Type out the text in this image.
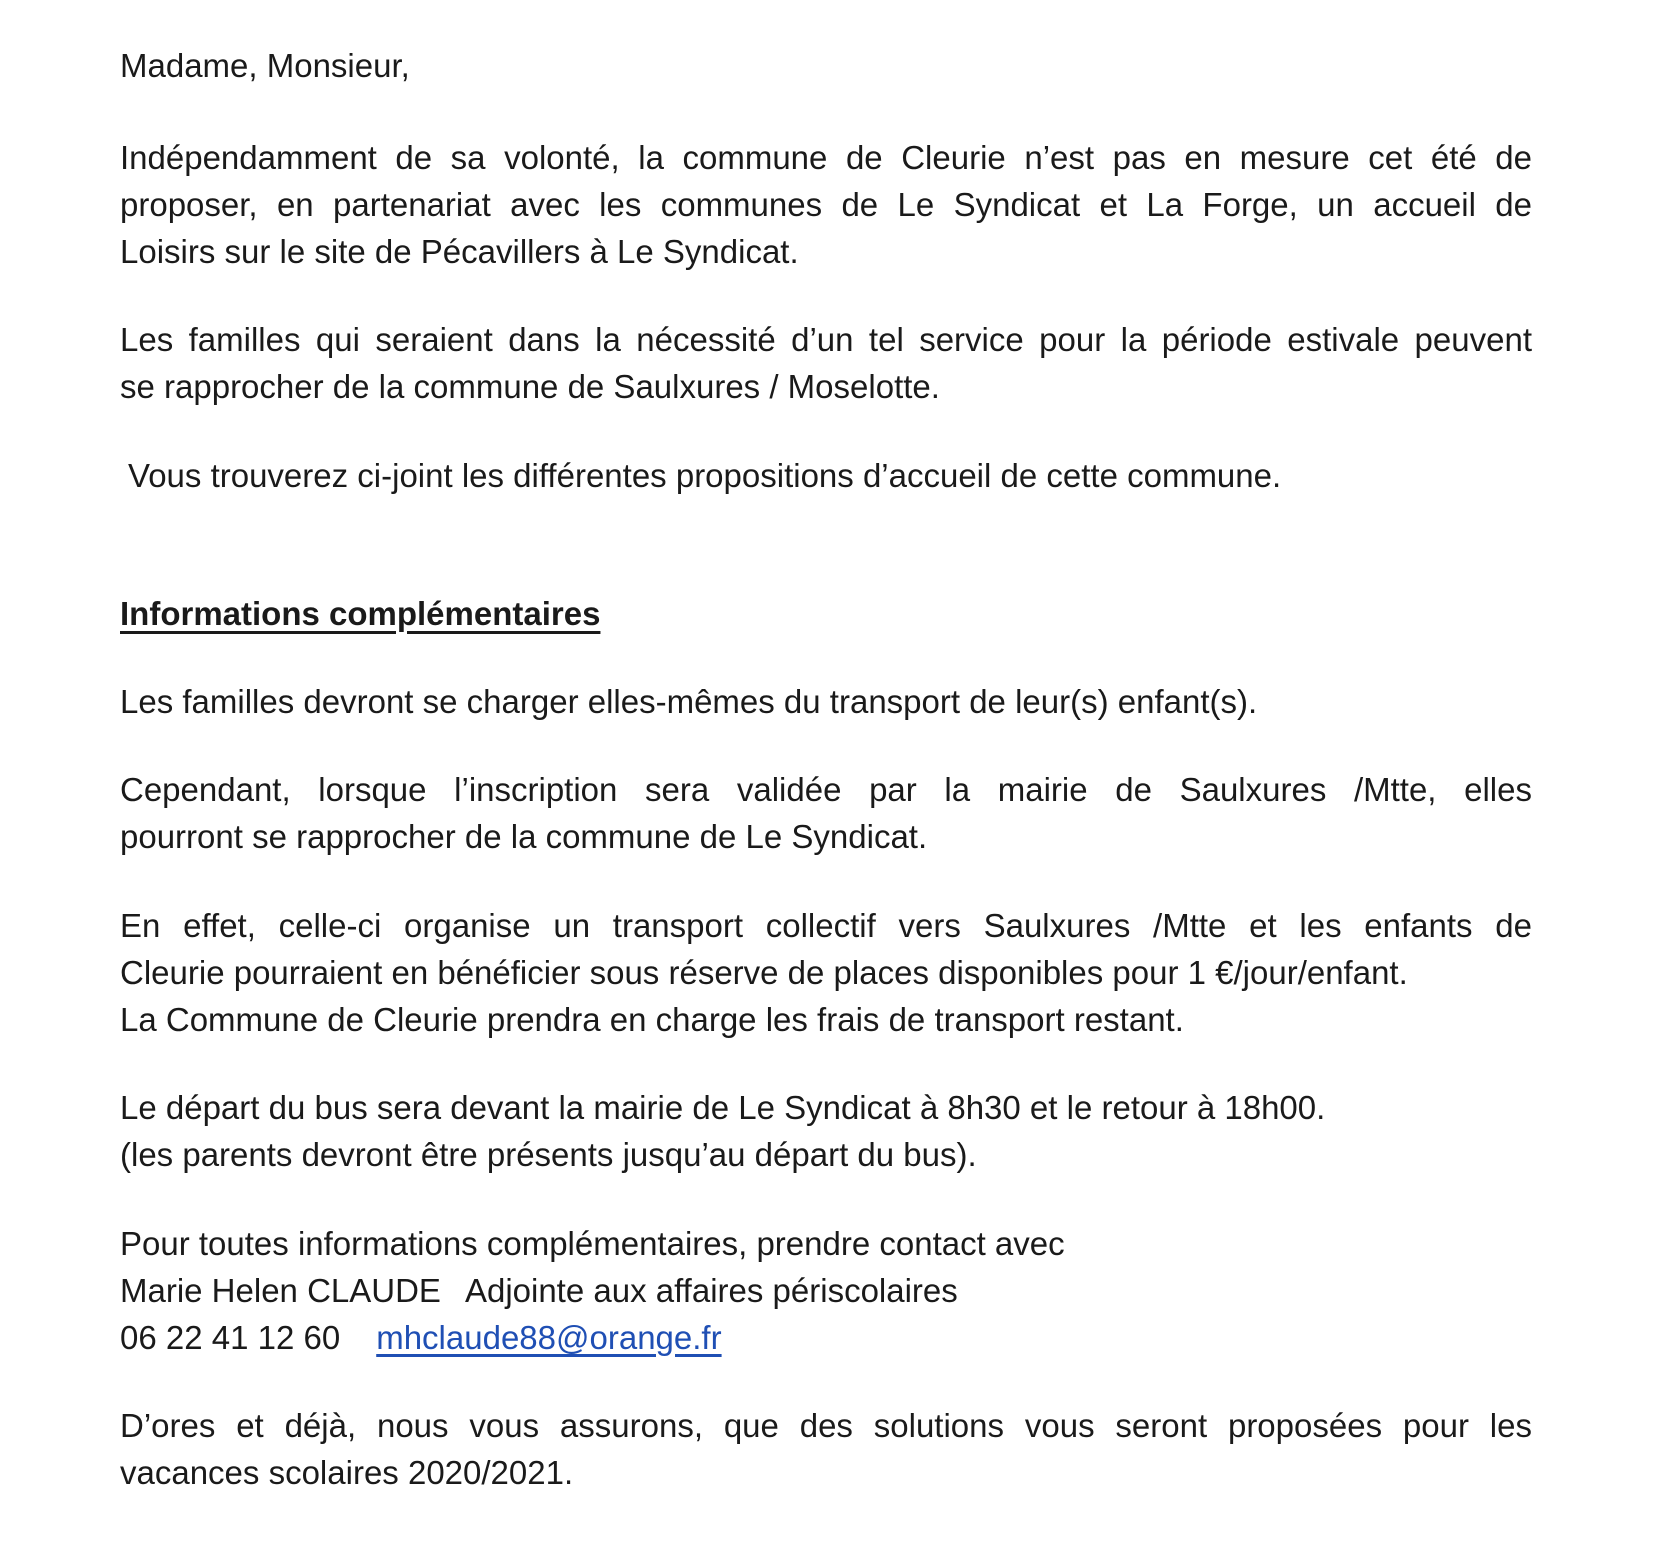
Madame, Monsieur,

Indépendamment de sa volonté, la commune de Cleurie n’est pas en mesure cet été de
proposer, en partenariat avec les communes de Le Syndicat et La Forge, un accueil de
Loisirs sur le site de Pécavillers à Le Syndicat.

Les familles qui seraient dans la nécessité d’un tel service pour la période estivale peuvent
se rapprocher de la commune de Saulxures / Moselotte.

Vous trouverez ci-joint les différentes propositions d’accueil de cette commune.

Informations complémentaires

Les familles devront se charger elles-mêmes du transport de leur(s) enfant(s).

Cependant, lorsque l’inscription sera validée par la mairie de Saulxures /Mtte, elles
pourront se rapprocher de la commune de Le Syndicat.

En effet, celle-ci organise un transport collectif vers Saulxures /Mtte et les enfants de
Cleurie pourraient en bénéficier sous réserve de places disponibles pour 1 €/jour/enfant.
La Commune de Cleurie prendra en charge les frais de transport restant.

Le départ du bus sera devant la mairie de Le Syndicat à 8h30 et le retour à 18h00.
(les parents devront être présents jusqu’au départ du bus).

Pour toutes informations complémentaires, prendre contact avec
Marie Helen CLAUDE Adjointe aux affaires périscolaires
06 22 41 12 60 mhclaude88@orange.fr

D’ores et déjà, nous vous assurons, que des solutions vous seront proposées pour les
vacances scolaires 2020/2021.
